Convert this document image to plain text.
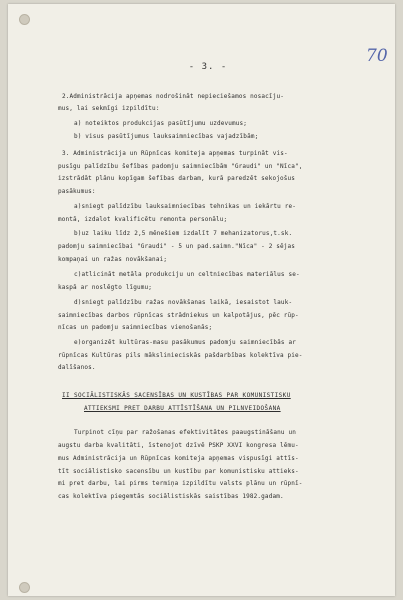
- 3. -
70
2.Administrācija apņemas nodrošināt nepieciešamos nosacīju-
mus, lai sekmīgi izpildītu:
a) noteiktos produkcijas pasūtījumu uzdevumus;
b) visus pasūtījumus lauksaimniecības vajadzībām;
3. Administrācija un Rūpnīcas komiteja apņemas turpināt vis-
pusīgu palīdzību šefības padomju saimniecībām "Graudi" un "Nīca",
izstrādāt plānu kopīgam šefības darbam, kurā paredzēt sekojošus
pasākumus:
a)sniegt palīdzību lauksaimniecības tehnikas un iekārtu re-
montā, izdalot kvalificētu remonta personālu;
b)uz laiku līdz 2,5 mēnešiem izdalīt 7 mehanizatorus,t.sk.
padomju saimniecībai "Graudi" - 5 un pad.saimn."Nīca" - 2 sējas
kompaņai un ražas novākšanai;
c)atlicināt metāla produkciju un celtniecības materiālus se-
kaspā ar noslēgto līgumu;
d)sniegt palīdzību ražas novākšanas laikā, iesaistot lauk-
saimniecības darbos rūpnīcas strādniekus un kalpotājus, pēc rūp-
nīcas un padomju saimniecības vienošanās;
e)organizēt kultūras-masu pasākumus padomju saimniecībās ar
rūpnīcas Kultūras pils mākslinieciskās pašdarbības kolektīva pie-
dalīšanos.
II SOCIĀLISTISKĀS SACENSĪBAS UN KUSTĪBAS PAR KOMUNISTISKU
ATTIEKSMI PRET DARBU ATTĪSTĪŠANA UN PILNVEIDOŠANA
Turpinot cīņu par ražošanas efektivitātes paaugstināšanu un
augstu darba kvalitāti, īstenojot dzīvē PSKP XXVI kongresa lēmu-
mus Administrācija un Rūpnīcas komiteja apņemas vispusīgi attīs-
tīt sociālistisko sacensību un kustību par komunistisku attieks-
mi pret darbu, lai pirms termiņa izpildītu valsts plānu un rūpnī-
cas kolektīva piegemtās sociālistiskās saistības 1982.gadam.
